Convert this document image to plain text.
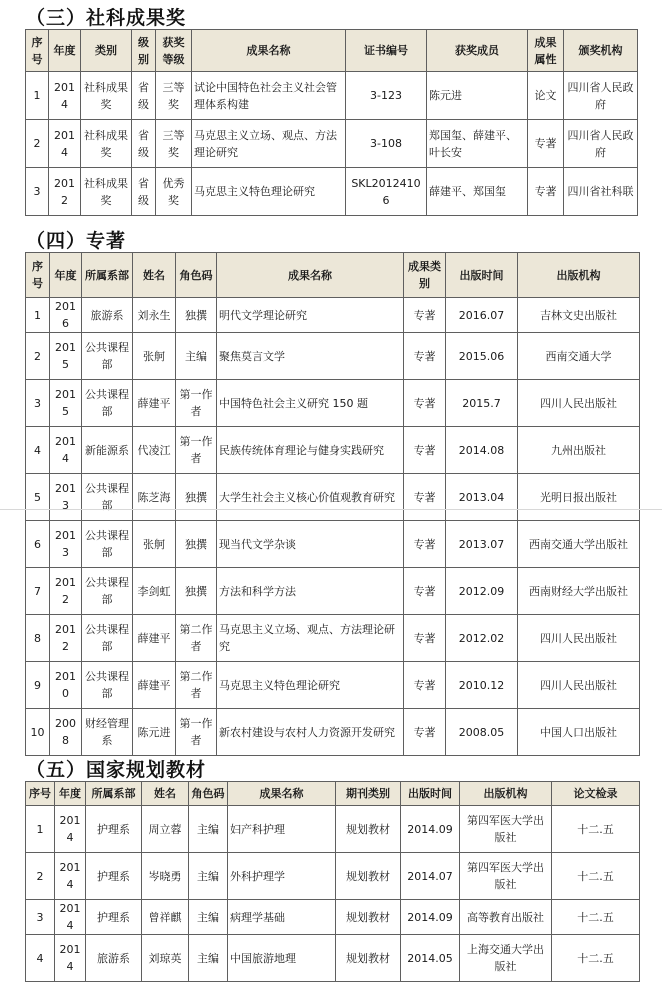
（三）社科成果奖
序号	年度	类别	级别	获奖等级	成果名称	证书编号	获奖成员	成果属性	颁奖机构
1	2014	社科成果奖	省级	三等奖	试论中国特色社会主义社会管理体系构建	3-123	陈元进	论文	四川省人民政府
2	2014	社科成果奖	省级	三等奖	马克思主义立场、观点、方法理论研究	3-108	郑国玺、薛建平、叶长安	专著	四川省人民政府
3	2012	社科成果奖	省级	优秀奖	马克思主义特色理论研究	SKL20124106	薛建平、郑国玺	专著	四川省社科联
（四）专著
序号	年度	所属系部	姓名	角色码	成果名称	成果类别	出版时间	出版机构
1	2016	旅游系	刘永生	独撰	明代文学理论研究	专著	2016.07	吉林文史出版社
2	2015	公共课程部	张舸	主编	聚焦莫言文学	专著	2015.06	西南交通大学
3	2015	公共课程部	薛建平	第一作者	中国特色社会主义研究 150 题	专著	2015.7	四川人民出版社
4	2014	新能源系	代凌江	第一作者	民族传统体育理论与健身实践研究	专著	2014.08	九州出版社
5	2013	公共课程部	陈芝海	独撰	大学生社会主义核心价值观教育研究	专著	2013.04	光明日报出版社
6	2013	公共课程部	张舸	独撰	现当代文学杂谈	专著	2013.07	西南交通大学出版社
7	2012	公共课程部	李剑虹	独撰	方法和科学方法	专著	2012.09	西南财经大学出版社
8	2012	公共课程部	薛建平	第二作者	马克思主义立场、观点、方法理论研究	专著	2012.02	四川人民出版社
9	2010	公共课程部	薛建平	第二作者	马克思主义特色理论研究	专著	2010.12	四川人民出版社
10	2008	财经管理系	陈元进	第一作者	新农村建设与农村人力资源开发研究	专著	2008.05	中国人口出版社
（五）国家规划教材
序号	年度	所属系部	姓名	角色码	成果名称	期刊类别	出版时间	出版机构	论文检录
1	2014	护理系	周立蓉	主编	妇产科护理	规划教材	2014.09	第四军医大学出版社	十二.五
2	2014	护理系	岑晓勇	主编	外科护理学	规划教材	2014.07	第四军医大学出版社	十二.五
3	2014	护理系	曾祥麒	主编	病理学基础	规划教材	2014.09	高等教育出版社	十二.五
4	2014	旅游系	刘琼英	主编	中国旅游地理	规划教材	2014.05	上海交通大学出版社	十二.五
